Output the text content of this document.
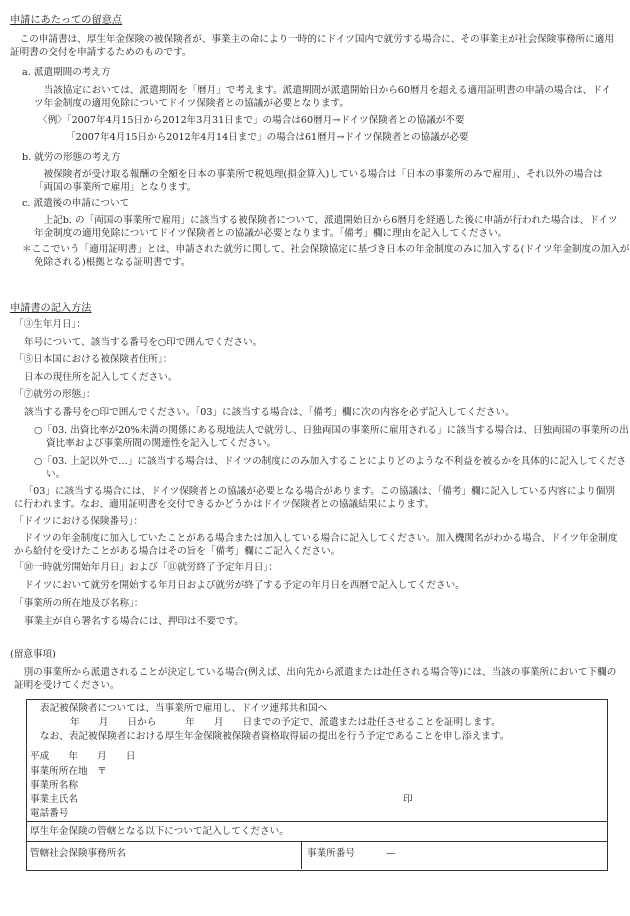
申請にあたっての留意点
この申請書は、厚生年金保険の被保険者が、事業主の命により一時的にドイツ国内で就労する場合に、その事業主が社会保険事務所に適用証明書の交付を申請するためのものです。
a. 派遣期間の考え方
当該協定においては、派遣期間を「暦月」で考えます。派遣期間が派遣開始日から60暦月を超える適用証明書の申請の場合は、ドイツ年金制度の適用免除についてドイツ保険者との協議が必要となります。
〈例〉「2007年4月15日から2012年3月31日まで」の場合は60暦月→ドイツ保険者との協議が不要
「2007年4月15日から2012年4月14日まで」の場合は61暦月→ドイツ保険者との協議が必要
b. 就労の形態の考え方
被保険者が受け取る報酬の全額を日本の事業所で税処理(損金算入)している場合は「日本の事業所のみで雇用」、それ以外の場合は「両国の事業所で雇用」となります。
c. 派遣後の申請について
上記b. の「両国の事業所で雇用」に該当する被保険者について、派遣開始日から6暦月を経過した後に申請が行われた場合は、ドイツ年金制度の適用免除についてドイツ保険者との協議が必要となります。「備考」欄に理由を記入してください。
＊ここでいう「適用証明書」とは、申請された就労に関して、社会保険協定に基づき日本の年金制度のみに加入する(ドイツ年金制度の加入が免除される)根拠となる証明書です。
申請書の記入方法
「③生年月日」：
年号について、該当する番号を○印で囲んでください。
「⑤日本国における被保険者住所」：
日本の現住所を記入してください。
「⑦就労の形態」：
該当する番号を○印で囲んでください。「03」に該当する場合は、「備考」欄に次の内容を必ず記入してください。
○「03. 出資比率が20%未満の関係にある現地法人で就労し、日独両国の事業所に雇用される」に該当する場合は、日独両国の事業所の出資比率および事業所間の関連性を記入してください。
○「03. 上記以外で…」に該当する場合は、ドイツの制度にのみ加入することによりどのような不利益を被るかを具体的に記入してください。
「03」に該当する場合には、ドイツ保険者との協議が必要となる場合があります。この協議は、「備考」欄に記入している内容により個別に行われます。なお、適用証明書を交付できるかどうかはドイツ保険者との協議結果によります。
「ドイツにおける保険番号」：
ドイツの年金制度に加入していたことがある場合または加入している場合に記入してください。加入機関名がわかる場合、ドイツ年金制度から給付を受けたことがある場合はその旨を「備考」欄にご記入ください。
「⑩一時就労開始年月日」および「⑪就労終了予定年月日」：
ドイツにおいて就労を開始する年月日および就労が終了する予定の年月日を西暦で記入してください。
「事業所の所在地及び名称」：
事業主が自ら署名する場合には、押印は不要です。
(留意事項)
別の事業所から派遣されることが決定している場合(例えば、出向先から派遣または赴任される場合等)には、当該の事業所において下欄の証明を受けてください。
表記被保険者については、当事業所で雇用し、ドイツ連邦共和国へ
年　　月　　日から　　　年　　月　　日までの予定で、派遣または赴任させることを証明します。
なお、表記被保険者における厚生年金保険被保険者資格取得届の提出を行う予定であることを申し添えます。
平成　　年　　月　　日
事業所所在地　〒
事業所名称
事業主氏名	印
電話番号
厚生年金保険の管轄となる以下について記入してください。
管轄社会保険事務所名	事業所番号	—
